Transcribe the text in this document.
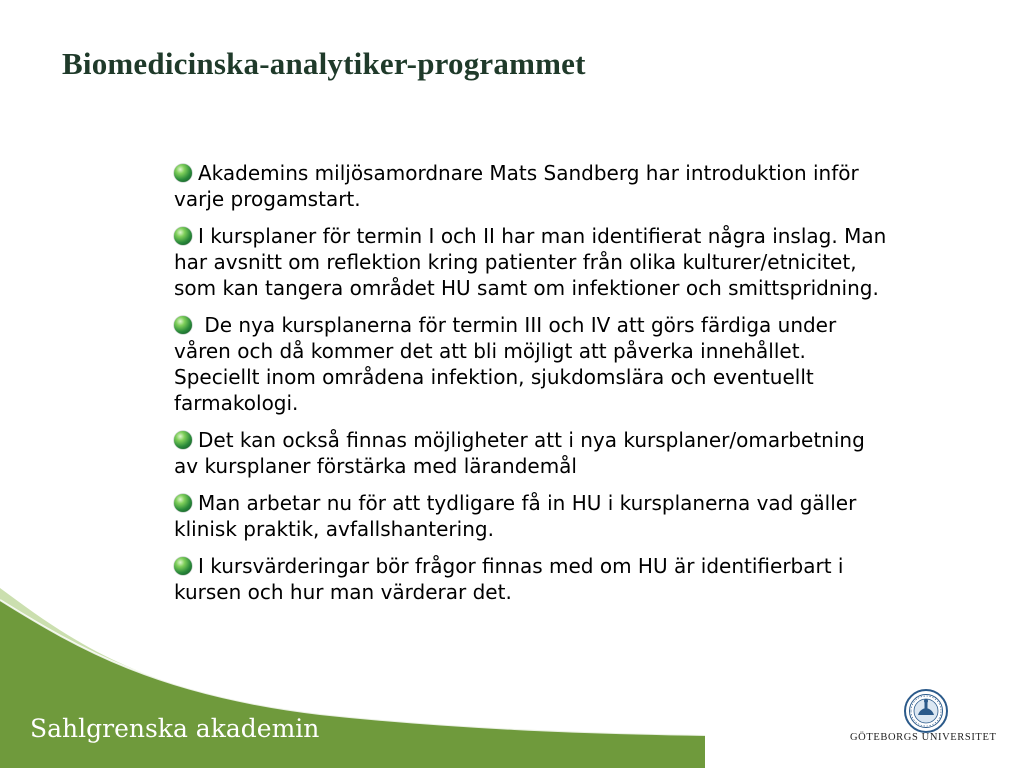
Biomedicinska-analytiker-programmet
Akademins miljösamordnare Mats Sandberg har introduktion inför varje progamstart.
I kursplaner för termin I och II har man identifierat några inslag. Man har avsnitt om reflektion kring patienter från olika kulturer/etnicitet, som kan tangera området HU samt om infektioner och smittspridning.
De nya kursplanerna för termin III och IV att görs färdiga under våren och då kommer det att bli möjligt att påverka innehållet. Speciellt inom områdena infektion, sjukdomslära och eventuellt farmakologi.
Det kan också finnas möjligheter att i nya kursplaner/omarbetning av kursplaner förstärka med lärandemål
Man arbetar nu för att tydligare få in HU i kursplanerna vad gäller klinisk praktik, avfallshantering.
I kursvärderingar bör frågor finnas med om HU är identifierbart i kursen och hur man värderar det.
Sahlgrenska akademin	GÖTEBORGS UNIVERSITET
